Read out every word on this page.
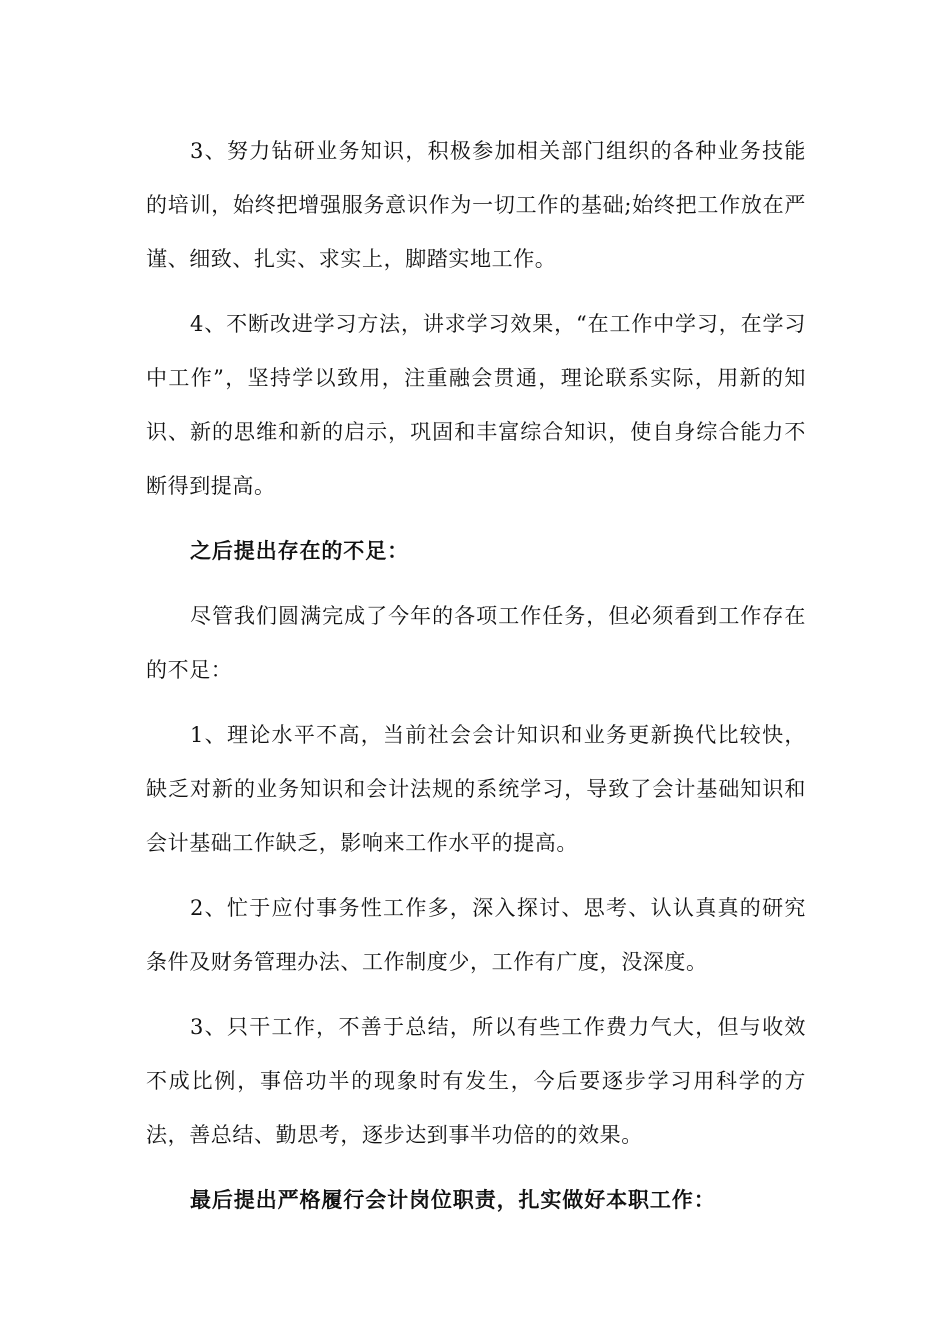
3、努力钻研业务知识，积极参加相关部门组织的各种业务技能的培训，始终把增强服务意识作为一切工作的基础;始终把工作放在严谨、细致、扎实、求实上，脚踏实地工作。

4、不断改进学习方法，讲求学习效果，“在工作中学习，在学习中工作”，坚持学以致用，注重融会贯通，理论联系实际，用新的知识、新的思维和新的启示，巩固和丰富综合知识，使自身综合能力不断得到提高。

之后提出存在的不足：

尽管我们圆满完成了今年的各项工作任务，但必须看到工作存在的不足：

1、理论水平不高，当前社会会计知识和业务更新换代比较快，缺乏对新的业务知识和会计法规的系统学习，导致了会计基础知识和会计基础工作缺乏，影响来工作水平的提高。

2、忙于应付事务性工作多，深入探讨、思考、认认真真的研究条件及财务管理办法、工作制度少，工作有广度，没深度。

3、只干工作，不善于总结，所以有些工作费力气大，但与收效不成比例，事倍功半的现象时有发生，今后要逐步学习用科学的方法，善总结、勤思考，逐步达到事半功倍的的效果。

最后提出严格履行会计岗位职责，扎实做好本职工作：
